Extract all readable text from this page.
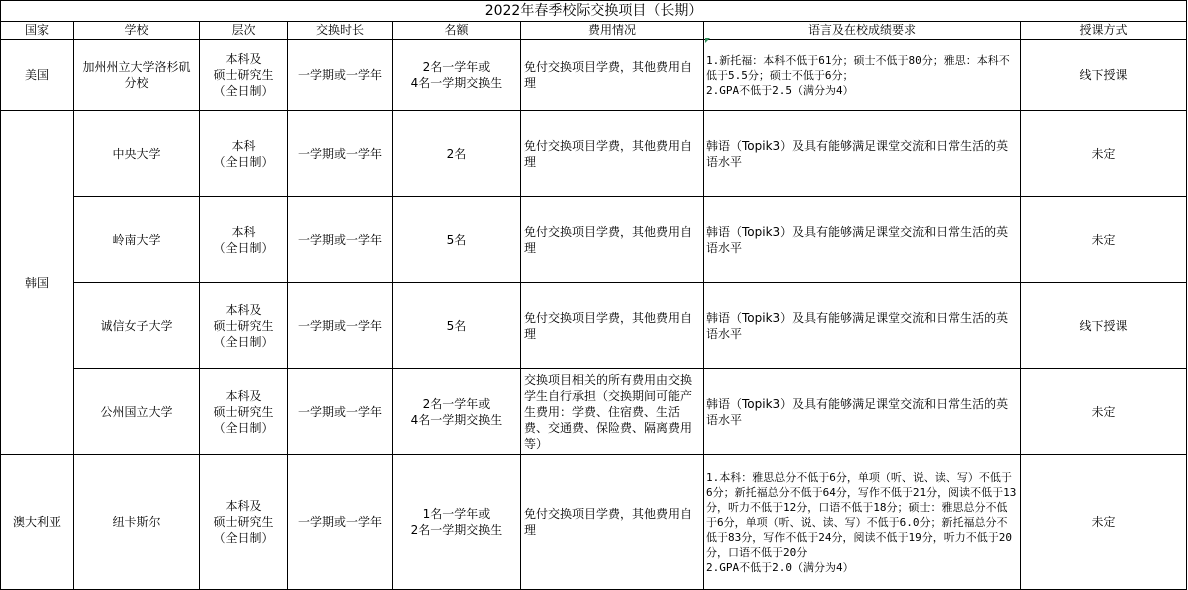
2022年春季校际交换项目（长期）							
国家	学校	层次	交换时长	名额	费用情况	语言及在校成绩要求	授课方式
美国	加州州立大学洛杉矶分校	本科及
硕士研究生
（全日制）	一学期或一学年	2名一学年或
4名一学期交换生	免付交换项目学费，其他费用自理	1.新托福：本科不低于61分；硕士不低于80分；雅思：本科不低于5.5分；硕士不低于6分；
2.GPA不低于2.5（满分为4）	线下授课
韩国	中央大学	本科
（全日制）	一学期或一学年	2名	免付交换项目学费，其他费用自理	韩语（Topik3）及具有能够满足课堂交流和日常生活的英语水平	未定
	岭南大学	本科
（全日制）	一学期或一学年	5名	免付交换项目学费，其他费用自理	韩语（Topik3）及具有能够满足课堂交流和日常生活的英语水平	未定
	诚信女子大学	本科及
硕士研究生
（全日制）	一学期或一学年	5名	免付交换项目学费，其他费用自理	韩语（Topik3）及具有能够满足课堂交流和日常生活的英语水平	线下授课
	公州国立大学	本科及
硕士研究生
（全日制）	一学期或一学年	2名一学年或
4名一学期交换生	交换项目相关的所有费用由交换学生自行承担（交换期间可能产生费用：学费、住宿费、生活费、交通费、保险费、隔离费用等）	韩语（Topik3）及具有能够满足课堂交流和日常生活的英语水平	未定
澳大利亚	纽卡斯尔	本科及
硕士研究生
（全日制）	一学期或一学年	1名一学年或
2名一学期交换生	免付交换项目学费，其他费用自理	1.本科：雅思总分不低于6分，单项（听、说、读、写）不低于6分；新托福总分不低于64分，写作不低于21分，阅读不低于13分，听力不低于12分，口语不低于18分；硕士：雅思总分不低于6分，单项（听、说、读、写）不低于6.0分；新托福总分不低于83分，写作不低于24分，阅读不低于19分，听力不低于20分，口语不低于20分
2.GPA不低于2.0（满分为4）	未定
